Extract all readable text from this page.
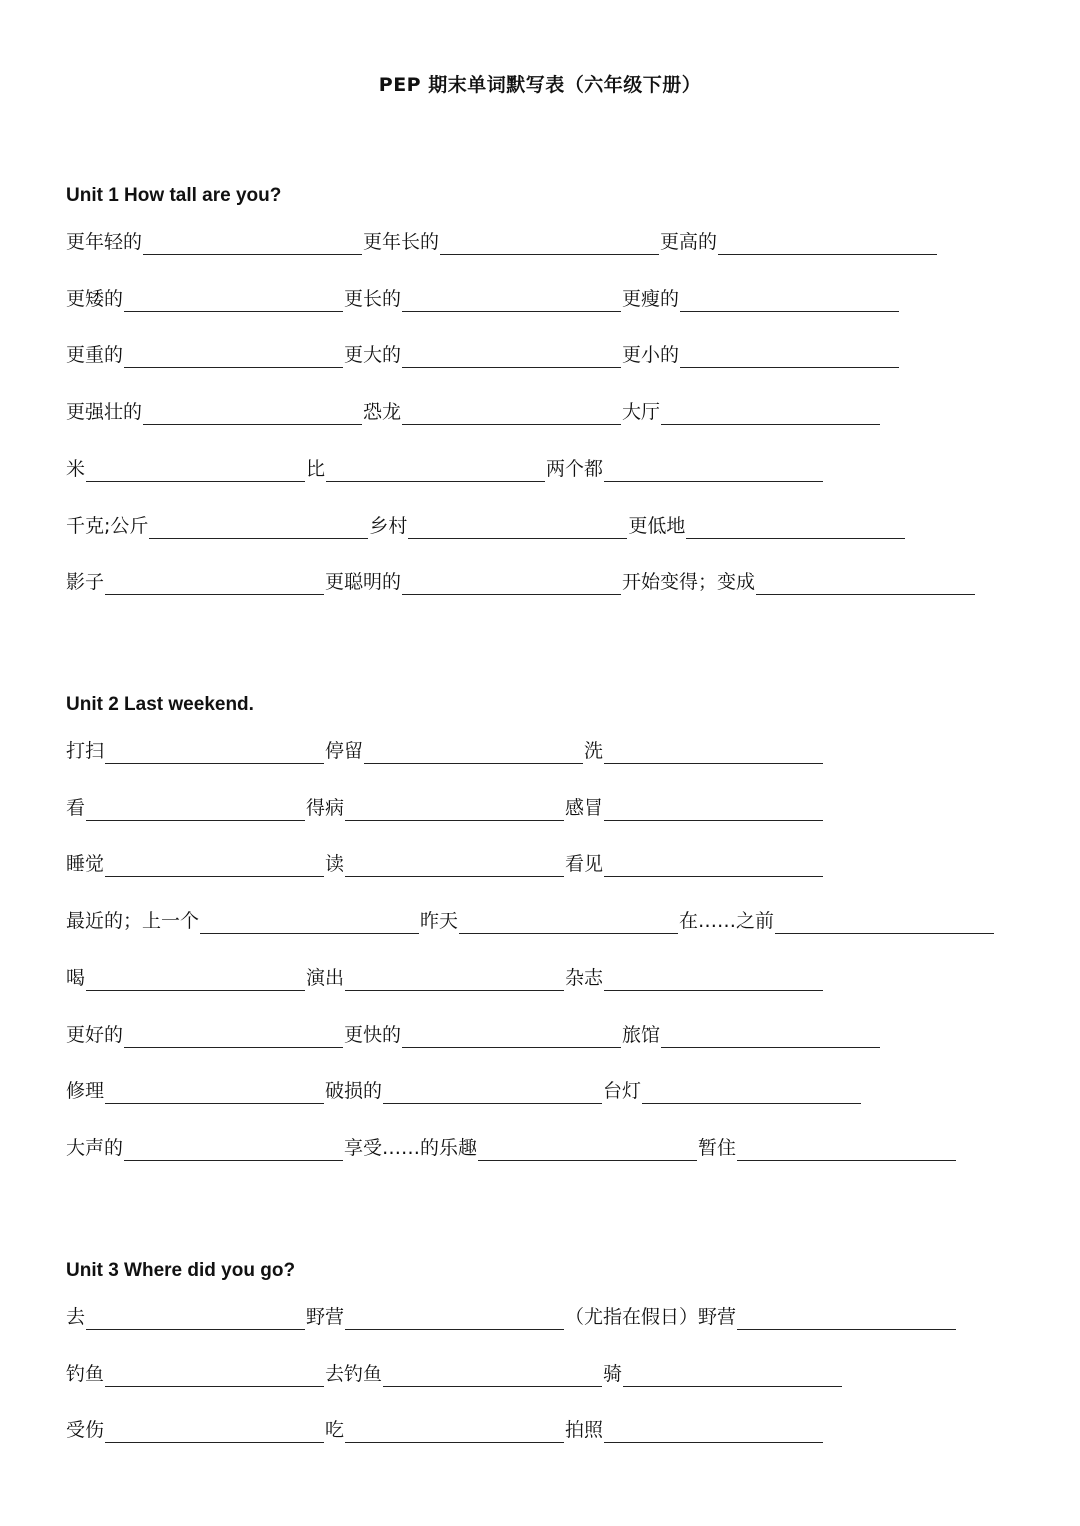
PEP 期末单词默写表（六年级下册）
Unit 1 How tall are you?
更年轻的	更年长的	更高的
更矮的	更长的	更瘦的
更重的	更大的	更小的
更强壮的	恐龙	大厅
米	比	两个都
千克;公斤	乡村	更低地
影子	更聪明的	开始变得；变成
Unit 2 Last weekend.
打扫	停留	洗
看	得病	感冒
睡觉	读	看见
最近的；上一个	昨天	在……之前
喝	演出	杂志
更好的	更快的	旅馆
修理	破损的	台灯
大声的	享受……的乐趣	暂住
Unit 3 Where did you go?
去	野营	（尤指在假日）野营
钓鱼	去钓鱼	骑
受伤	吃	拍照
